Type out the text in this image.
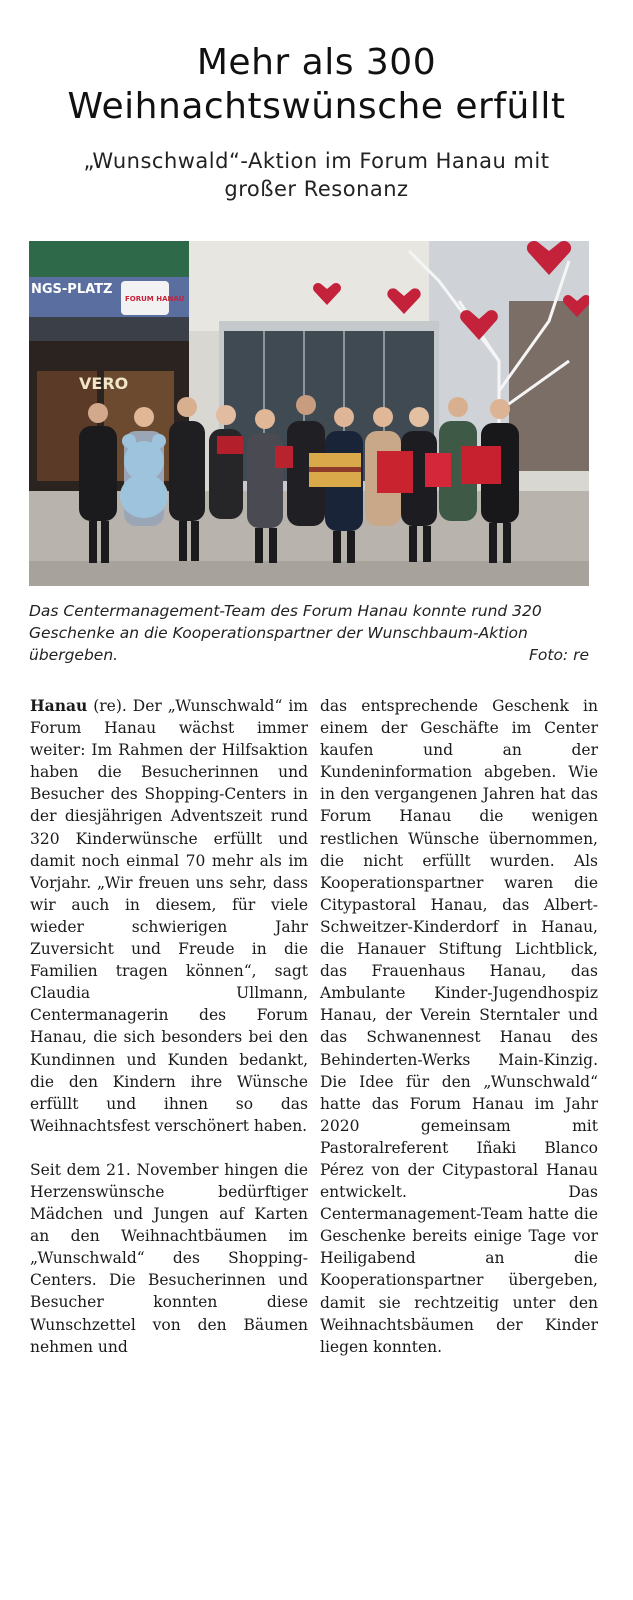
Mehr als 300
Weihnachtswünsche erfüllt
„Wunschwald“-Aktion im Forum Hanau mit
großer Resonanz
NGS-PLATZ
FORUM HANAU
VERO
Das Centermanagement-Team des Forum Hanau konnte rund 320 Geschenke an die Kooperationspartner der Wunschbaum-Aktion übergeben.	Foto: re

Hanau (re). Der „Wunschwald“ im Forum Hanau wächst immer weiter: Im Rahmen der Hilfsaktion haben die Besucherinnen und Besucher des Shopping-Centers in der diesjährigen Adventszeit rund 320 Kinderwünsche erfüllt und damit noch einmal 70 mehr als im Vorjahr. „Wir freuen uns sehr, dass wir auch in diesem, für viele wieder schwierigen Jahr Zuversicht und Freude in die Familien tragen können“, sagt Claudia Ullmann, Centermanagerin des Forum Hanau, die sich besonders bei den Kundinnen und Kunden bedankt, die den Kindern ihre Wünsche erfüllt und ihnen so das Weihnachtsfest verschönert haben.

Seit dem 21. November hingen die Herzenswünsche bedürftiger Mädchen und Jungen auf Karten an den Weihnachtbäumen im „Wunschwald“ des Shopping-Centers. Die Besucherinnen und Besucher konnten diese Wunschzettel von den Bäumen nehmen und

das entsprechende Geschenk in einem der Geschäfte im Center kaufen und an der Kundeninformation abgeben. Wie in den vergangenen Jahren hat das Forum Hanau die wenigen restlichen Wünsche übernommen, die nicht erfüllt wurden. Als Kooperationspartner waren die Citypastoral Hanau, das Albert-Schweitzer-Kinderdorf in Hanau, die Hanauer Stiftung Lichtblick, das Frauenhaus Hanau, das Ambulante Kinder-Jugendhospiz Hanau, der Verein Sterntaler und das Schwanennest Hanau des Behinderten-Werks Main-Kinzig. Die Idee für den „Wunschwald“ hatte das Forum Hanau im Jahr 2020 gemeinsam mit Pastoralreferent Iñaki Blanco Pérez von der Citypastoral Hanau entwickelt. Das Centermanagement-Team hatte die Geschenke bereits einige Tage vor Heiligabend an die Kooperationspartner übergeben, damit sie rechtzeitig unter den Weihnachtsbäumen der Kinder liegen konnten.
